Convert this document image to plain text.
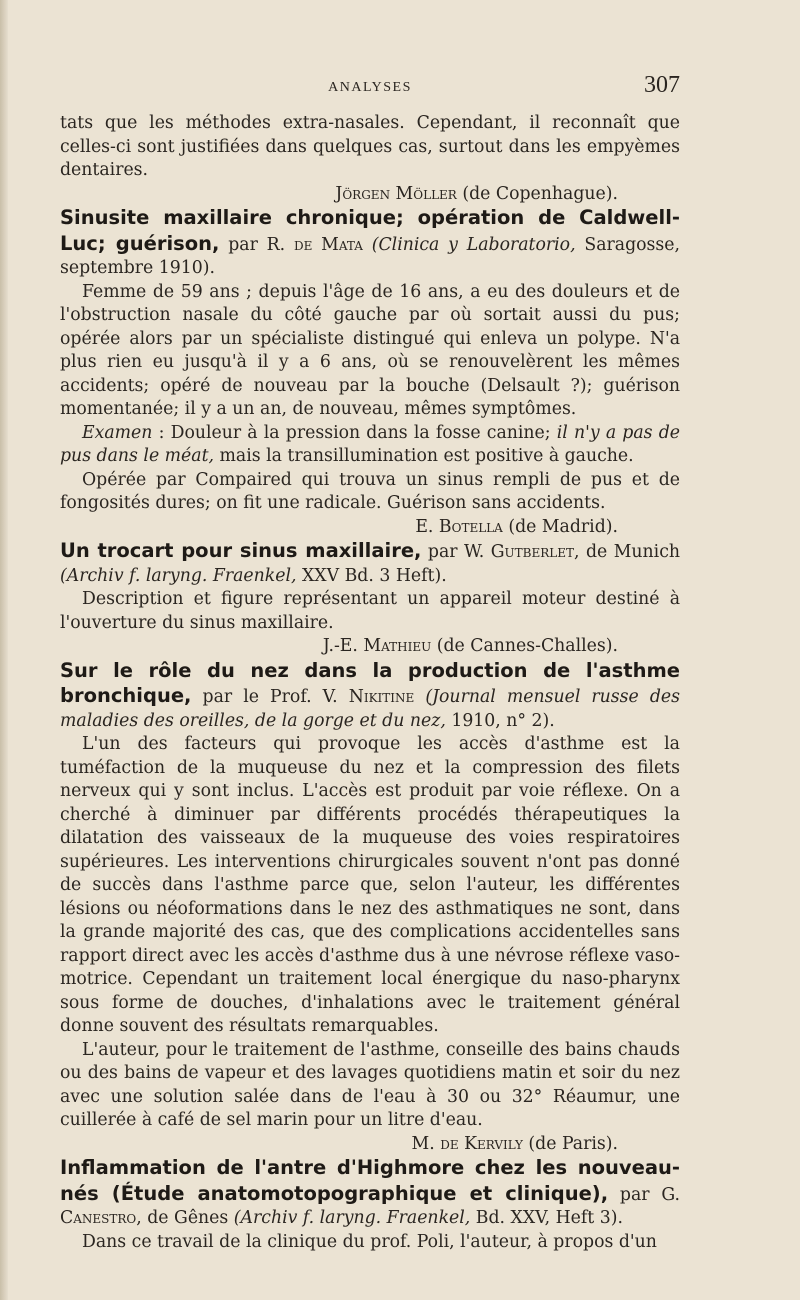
ANALYSES	307

tats que les méthodes extra-nasales. Cependant, il reconnaît que celles-ci sont justifiées dans quelques cas, surtout dans les empyèmes dentaires.

Jörgen Möller (de Copenhague).

Sinusite maxillaire chronique; opération de Caldwell-Luc; guérison, par R. de Mata (Clinica y Laboratorio, Saragosse, septembre 1910).

Femme de 59 ans ; depuis l'âge de 16 ans, a eu des douleurs et de l'obstruction nasale du côté gauche par où sortait aussi du pus; opérée alors par un spécialiste distingué qui enleva un polype. N'a plus rien eu jusqu'à il y a 6 ans, où se renouvelèrent les mêmes accidents; opéré de nouveau par la bouche (Delsault ?); guérison momentanée; il y a un an, de nouveau, mêmes symptômes.

Examen : Douleur à la pression dans la fosse canine; il n'y a pas de pus dans le méat, mais la transillumination est positive à gauche.

Opérée par Compaired qui trouva un sinus rempli de pus et de fongosités dures; on fit une radicale. Guérison sans accidents.

E. Botella (de Madrid).

Un trocart pour sinus maxillaire, par W. Gutberlet, de Munich (Archiv f. laryng. Fraenkel, XXV Bd. 3 Heft).

Description et figure représentant un appareil moteur destiné à l'ouverture du sinus maxillaire.

J.-E. Mathieu (de Cannes-Challes).

Sur le rôle du nez dans la production de l'asthme bronchique, par le Prof. V. Nikitine (Journal mensuel russe des maladies des oreilles, de la gorge et du nez, 1910, n° 2).

L'un des facteurs qui provoque les accès d'asthme est la tuméfaction de la muqueuse du nez et la compression des filets nerveux qui y sont inclus. L'accès est produit par voie réflexe. On a cherché à diminuer par différents procédés thérapeutiques la dilatation des vaisseaux de la muqueuse des voies respiratoires supérieures. Les interventions chirurgicales souvent n'ont pas donné de succès dans l'asthme parce que, selon l'auteur, les différentes lésions ou néoformations dans le nez des asthmatiques ne sont, dans la grande majorité des cas, que des complications accidentelles sans rapport direct avec les accès d'asthme dus à une névrose réflexe vaso-motrice. Cependant un traitement local énergique du naso-pharynx sous forme de douches, d'inhalations avec le traitement général donne souvent des résultats remarquables.

L'auteur, pour le traitement de l'asthme, conseille des bains chauds ou des bains de vapeur et des lavages quotidiens matin et soir du nez avec une solution salée dans de l'eau à 30 ou 32° Réaumur, une cuillerée à café de sel marin pour un litre d'eau.

M. de Kervily (de Paris).

Inflammation de l'antre d'Highmore chez les nouveau-nés (Étude anatomotopographique et clinique), par G. Canestro, de Gênes (Archiv f. laryng. Fraenkel, Bd. XXV, Heft 3).

Dans ce travail de la clinique du prof. Poli, l'auteur, à propos d'un
